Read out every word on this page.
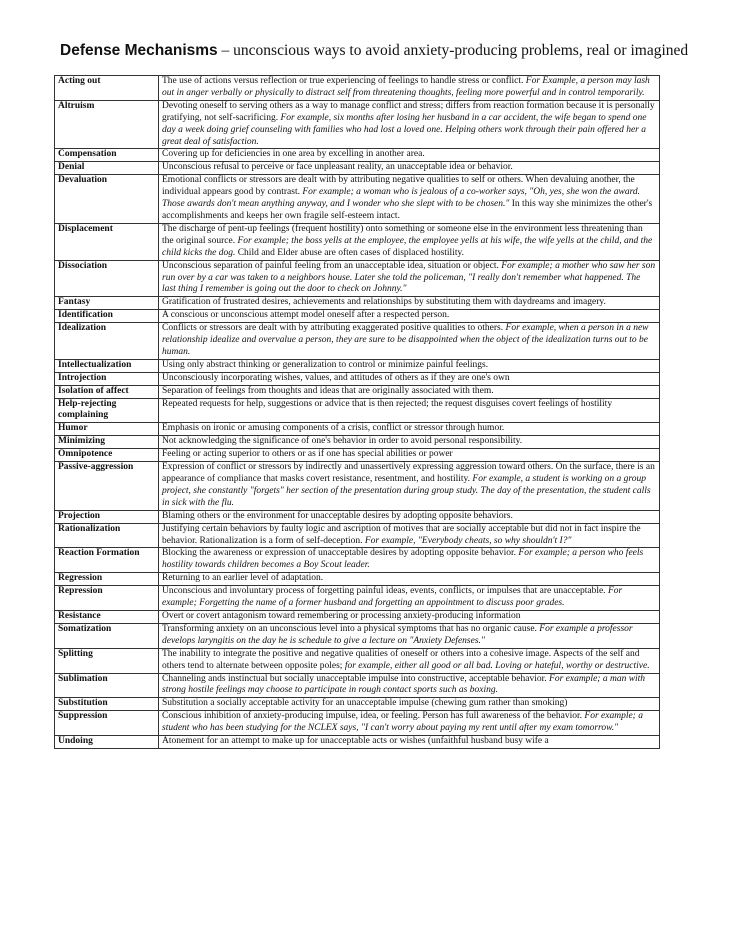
Defense Mechanisms – unconscious ways to avoid anxiety-producing problems, real or imagined
Acting out	The use of actions versus reflection or true experiencing of feelings to handle stress or conflict. For Example, a person may lash out in anger verbally or physically to distract self from threatening thoughts, feeling more powerful and in control temporarily.
Altruism	Devoting oneself to serving others as a way to manage conflict and stress; differs from reaction formation because it is personally gratifying, not self-sacrificing. For example, six months after losing her husband in a car accident, the wife began to spend one day a week doing grief counseling with families who had lost a loved one. Helping others work through their pain offered her a great deal of satisfaction.
Compensation	Covering up for deficiencies in one area by excelling in another area.
Denial	Unconscious refusal to perceive or face unpleasant reality, an unacceptable idea or behavior.
Devaluation	Emotional conflicts or stressors are dealt with by attributing negative qualities to self or others. When devaluing another, the individual appears good by contrast. For example; a woman who is jealous of a co-worker says, "Oh, yes, she won the award. Those awards don't mean anything anyway, and I wonder who she slept with to be chosen." In this way she minimizes the other's accomplishments and keeps her own fragile self-esteem intact.
Displacement	The discharge of pent-up feelings (frequent hostility) onto something or someone else in the environment less threatening than the original source. For example; the boss yells at the employee, the employee yells at his wife, the wife yells at the child, and the child kicks the dog. Child and Elder abuse are often cases of displaced hostility.
Dissociation	Unconscious separation of painful feeling from an unacceptable idea, situation or object. For example; a mother who saw her son run over by a car was taken to a neighbors house. Later she told the policeman, "I really don't remember what happened. The last thing I remember is going out the door to check on Johnny."
Fantasy	Gratification of frustrated desires, achievements and relationships by substituting them with daydreams and imagery.
Identification	A conscious or unconscious attempt model oneself after a respected person.
Idealization	Conflicts or stressors are dealt with by attributing exaggerated positive qualities to others. For example, when a person in a new relationship idealize and overvalue a person, they are sure to be disappointed when the object of the idealization turns out to be human.
Intellectualization	Using only abstract thinking or generalization to control or minimize painful feelings.
Introjection	Unconsciously incorporating wishes, values, and attitudes of others as if they are one's own
Isolation of affect	Separation of feelings from thoughts and ideas that are originally associated with them.
Help-rejecting complaining	Repeated requests for help, suggestions or advice that is then rejected; the request disguises covert feelings of hostility
Humor	Emphasis on ironic or amusing components of a crisis, conflict or stressor through humor.
Minimizing	Not acknowledging the significance of one's behavior in order to avoid personal responsibility.
Omnipotence	Feeling or acting superior to others or as if one has special abilities or power
Passive-aggression	Expression of conflict or stressors by indirectly and unassertively expressing aggression toward others. On the surface, there is an appearance of compliance that masks covert resistance, resentment, and hostility. For example, a student is working on a group project, she constantly "forgets" her section of the presentation during group study. The day of the presentation, the student calls in sick with the flu.
Projection	Blaming others or the environment for unacceptable desires by adopting opposite behaviors.
Rationalization	Justifying certain behaviors by faulty logic and ascription of motives that are socially acceptable but did not in fact inspire the behavior. Rationalization is a form of self-deception. For example, "Everybody cheats, so why shouldn't I?"
Reaction Formation	Blocking the awareness or expression of unacceptable desires by adopting opposite behavior. For example; a person who feels hostility towards children becomes a Boy Scout leader.
Regression	Returning to an earlier level of adaptation.
Repression	Unconscious and involuntary process of forgetting painful ideas, events, conflicts, or impulses that are unacceptable. For example; Forgetting the name of a former husband and forgetting an appointment to discuss poor grades.
Resistance	Overt or covert antagonism toward remembering or processing anxiety-producing information
Somatization	Transforming anxiety on an unconscious level into a physical symptoms that has no organic cause. For example a professor develops laryngitis on the day he is schedule to give a lecture on "Anxiety Defenses."
Splitting	The inability to integrate the positive and negative qualities of oneself or others into a cohesive image. Aspects of the self and others tend to alternate between opposite poles; for example, either all good or all bad. Loving or hateful, worthy or destructive.
Sublimation	Channeling ands instinctual but socially unacceptable impulse into constructive, acceptable behavior. For example; a man with strong hostile feelings may choose to participate in rough contact sports such as boxing.
Substitution	Substitution a socially acceptable activity for an unacceptable impulse (chewing gum rather than smoking)
Suppression	Conscious inhibition of anxiety-producing impulse, idea, or feeling. Person has full awareness of the behavior. For example; a student who has been studying for the NCLEX says, "I can't worry about paying my rent until after my exam tomorrow."
Undoing	Atonement for an attempt to make up for unacceptable acts or wishes (unfaithful husband busy wife a
